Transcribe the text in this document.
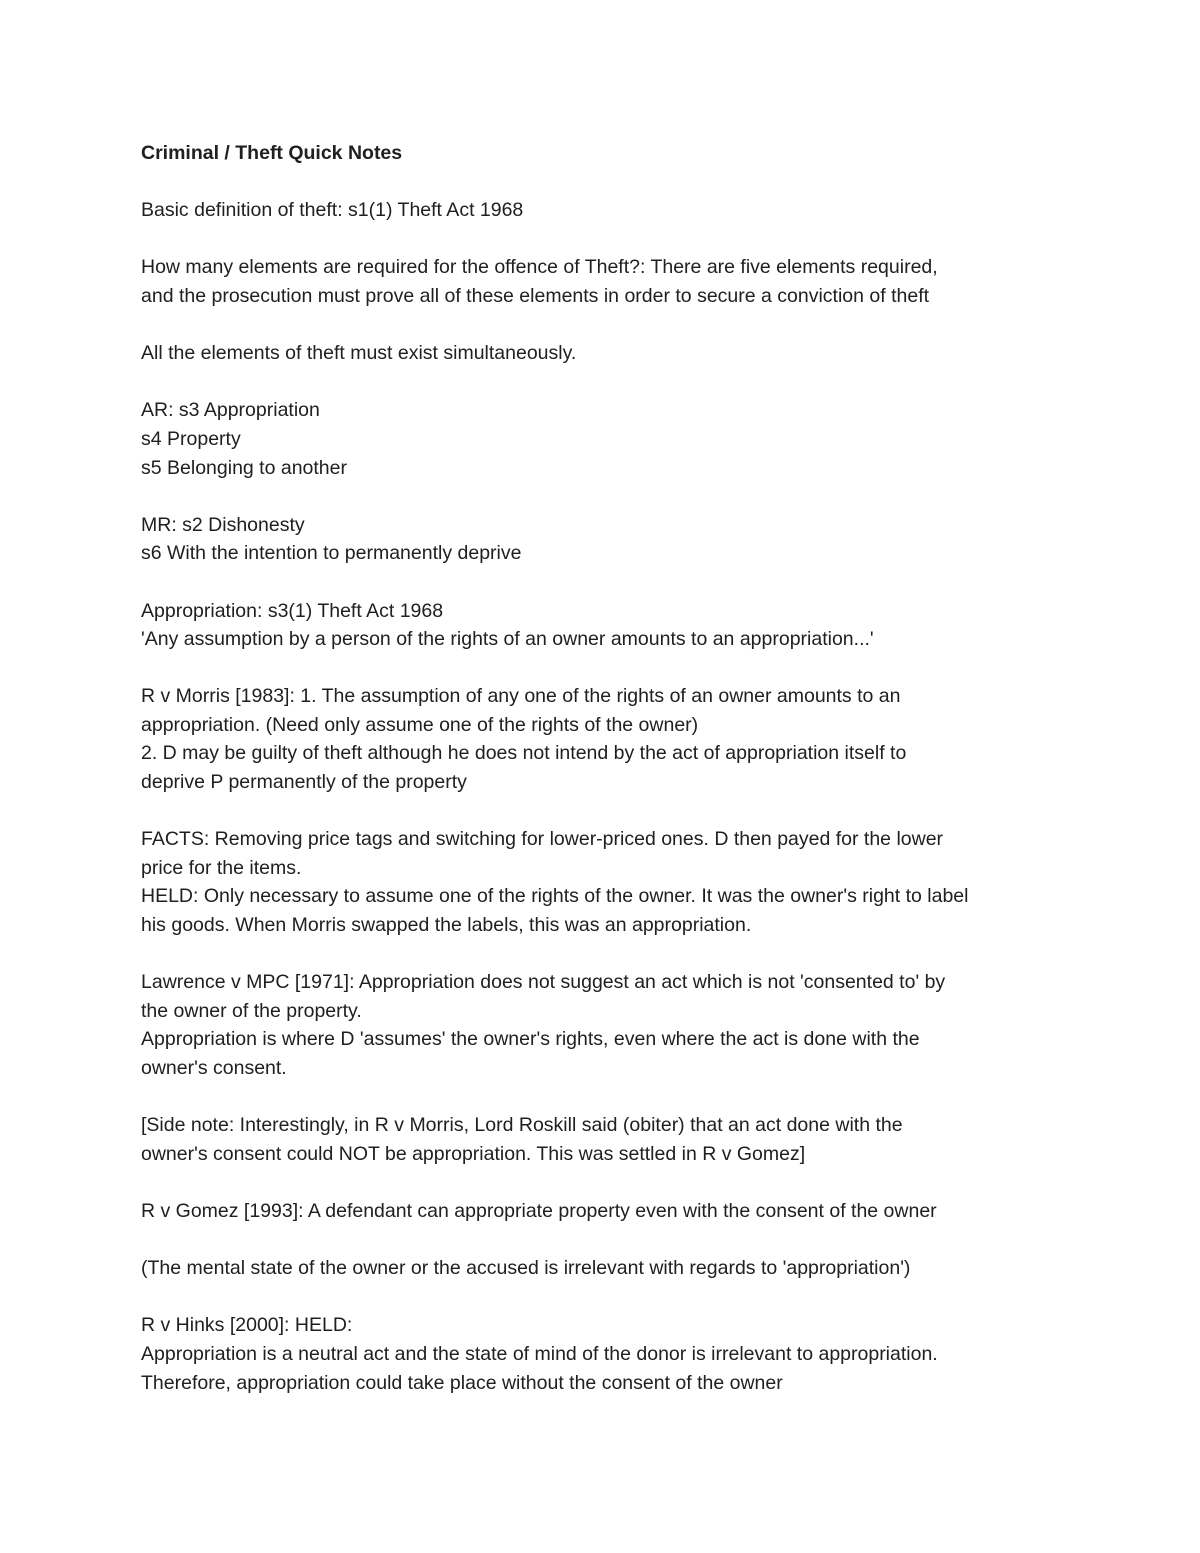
Criminal / Theft Quick Notes

Basic definition of theft: s1(1) Theft Act 1968

How many elements are required for the offence of Theft?: There are five elements required,

and the prosecution must prove all of these elements in order to secure a conviction of theft

All the elements of theft must exist simultaneously.

AR: s3 Appropriation

s4 Property

s5 Belonging to another

MR: s2 Dishonesty

s6 With the intention to permanently deprive

Appropriation: s3(1) Theft Act 1968

'Any assumption by a person of the rights of an owner amounts to an appropriation...'

R v Morris [1983]: 1. The assumption of any one of the rights of an owner amounts to an

appropriation. (Need only assume one of the rights of the owner)

2. D may be guilty of theft although he does not intend by the act of appropriation itself to

deprive P permanently of the property

FACTS: Removing price tags and switching for lower-priced ones. D then payed for the lower

price for the items.

HELD: Only necessary to assume one of the rights of the owner. It was the owner's right to label

his goods. When Morris swapped the labels, this was an appropriation.

Lawrence v MPC [1971]: Appropriation does not suggest an act which is not 'consented to' by

the owner of the property.

Appropriation is where D 'assumes' the owner's rights, even where the act is done with the

owner's consent.

[Side note: Interestingly, in R v Morris, Lord Roskill said (obiter) that an act done with the

owner's consent could NOT be appropriation. This was settled in R v Gomez]

R v Gomez [1993]: A defendant can appropriate property even with the consent of the owner

(The mental state of the owner or the accused is irrelevant with regards to 'appropriation')

R v Hinks [2000]: HELD:

Appropriation is a neutral act and the state of mind of the donor is irrelevant to appropriation.

Therefore, appropriation could take place without the consent of the owner
